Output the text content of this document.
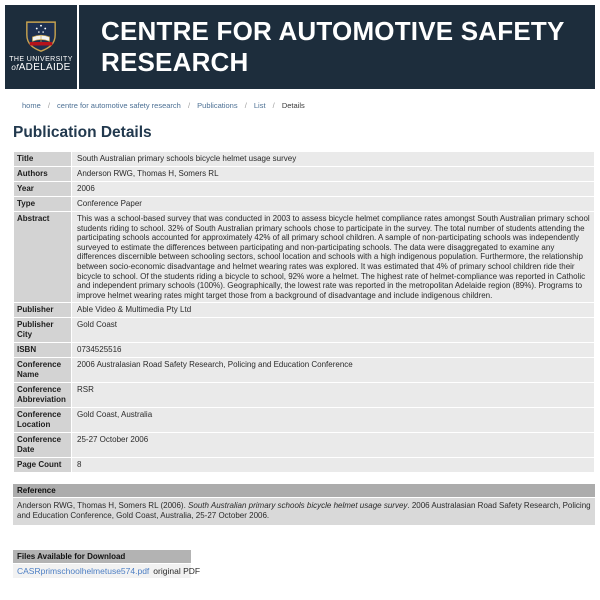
THE UNIVERSITY
ofADELAIDE
CENTRE FOR AUTOMOTIVE SAFETY RESEARCH
home / centre for automotive safety research / Publications / List / Details
Publication Details
Title	South Australian primary schools bicycle helmet usage survey
Authors	Anderson RWG, Thomas H, Somers RL
Year	2006
Type	Conference Paper
Abstract	This was a school-based survey that was conducted in 2003 to assess bicycle helmet compliance rates amongst South Australian primary school students riding to school. 32% of South Australian primary schools chose to participate in the survey. The total number of students attending the participating schools accounted for approximately 42% of all primary school children. A sample of non-participating schools was independently surveyed to estimate the differences between participating and non-participating schools. The data were disaggregated to examine any differences discernible between schooling sectors, school location and schools with a high indigenous population. Furthermore, the relationship between socio-economic disadvantage and helmet wearing rates was explored. It was estimated that 4% of primary school children ride their bicycle to school. Of the students riding a bicycle to school, 92% wore a helmet. The highest rate of helmet-compliance was reported in Catholic and independent primary schools (100%). Geographically, the lowest rate was reported in the metropolitan Adelaide region (89%). Programs to improve helmet wearing rates might target those from a background of disadvantage and include indigenous children.
Publisher	Able Video & Multimedia Pty Ltd
Publisher City	Gold Coast
ISBN	0734525516
Conference Name	2006 Australasian Road Safety Research, Policing and Education Conference
Conference Abbreviation	RSR
Conference Location	Gold Coast, Australia
Conference Date	25-27 October 2006
Page Count	8
Reference
Anderson RWG, Thomas H, Somers RL (2006). South Australian primary schools bicycle helmet usage survey. 2006 Australasian Road Safety Research, Policing and Education Conference, Gold Coast, Australia, 25-27 October 2006.
Files Available for Download
CASRprimschoolhelmetuse574.pdf original PDF
